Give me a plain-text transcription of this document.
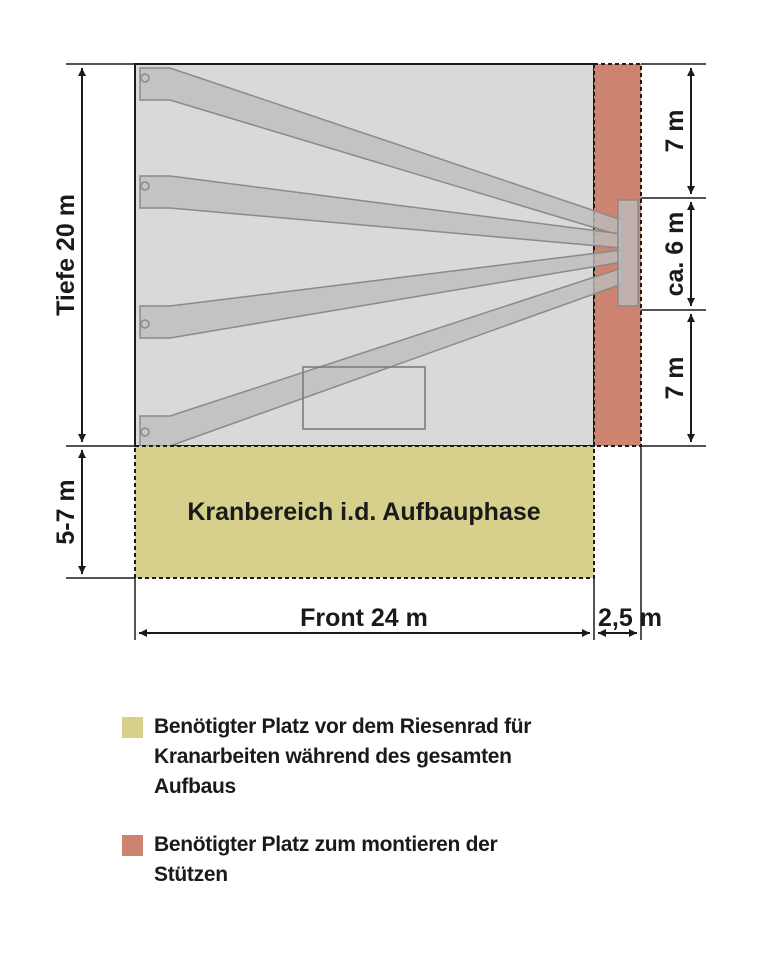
Kranbereich i.d. Aufbauphase
Tiefe 20 m
5-7 m
7 m
ca. 6 m
7 m
Front 24 m	2,5 m
Benötigter Platz vor dem Riesenrad für Kranarbeiten während des gesamten Aufbaus
Benötigter Platz zum montieren der Stützen
